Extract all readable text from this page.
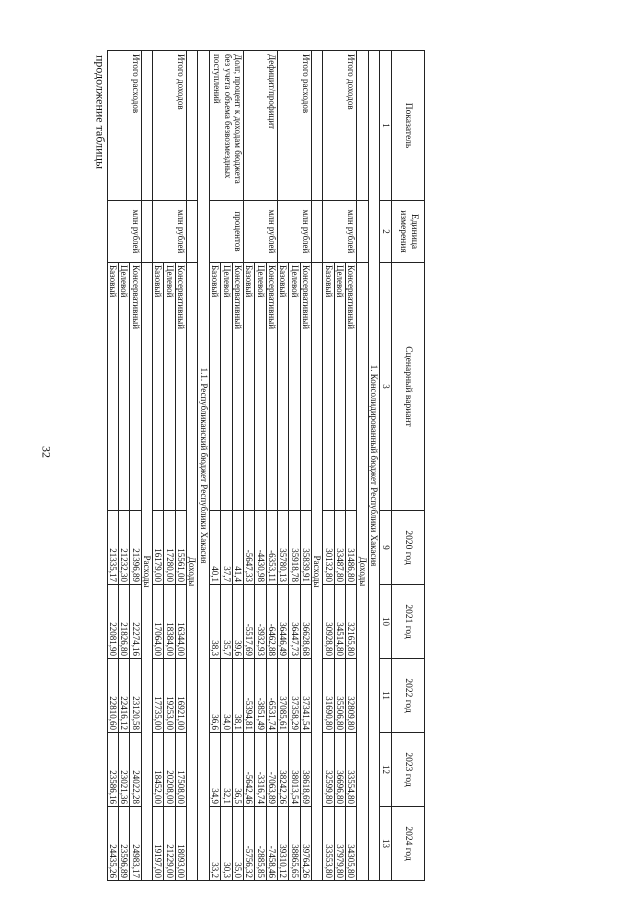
32
продолжение таблицы	Показатель	Единица измерения	Сценарный вариант	2020 год	2021 год	2022 год	2023 год	2024 год
1	2	3	9	10	11	12	13
1. Консолидированный бюджет Республики Хакасия							
		Доходы					
Итого доходов	млн рублей	Консервативный	31486,80	32165,80	32809,80	33554,80	34305,80
		Целевой	33487,80	34514,80	35506,80	36696,80	37979,80
		Базовый	30132,80	30928,80	31690,80	32599,80	33553,80
		Расходы					
Итого расходов	млн рублей	Консервативный	35839,91	36628,68	37341,54	38618,69	39764,26
		Целевой	35918,78	36447,73	37358,29	38013,54	38865,65
		Базовый	35780,13	36446,49	37085,61	38242,26	39310,12
Дефицит/профицит	млн рублей	Консервативный	-6353,11	-6462,88	-6531,74	-7063,89	-7458,46
		Целевой	-4430,98	-3932,93	-3851,49	-3316,74	-2885,85
		Базовый	-5647,33	-5517,69	-5394,81	-5642,46	-5756,32
Долг, процент к доходам бюджета без учета объема безвозмездных поступлений	процентов	Консервативный	41,4	39,6	38,1	36,5	35,0
		Целевой	37,7	35,7	34,0	32,1	30,3
		Базовый	40,1	38,3	36,6	34,9	33,2
1.1. Республиканский бюджет Республики Хакасия							
		Доходы					
Итого доходов	млн рублей	Консервативный	15561,00	16344,00	16921,00	17508,00	18093,00
		Целевой	17280,00	18384,00	19253,00	20208,00	21229,00
		Базовый	16179,00	17064,00	17735,00	18452,00	19197,00
		Расходы					
Итого расходов	млн рублей	Консервативный	21396,89	22274,16	23120,58	24022,28	24983,17
		Целевой	21232,30	21826,80	22416,12	23021,36	23596,89
		Базовый	21335,17	22081,90	22810,60	23586,16	24435,26
